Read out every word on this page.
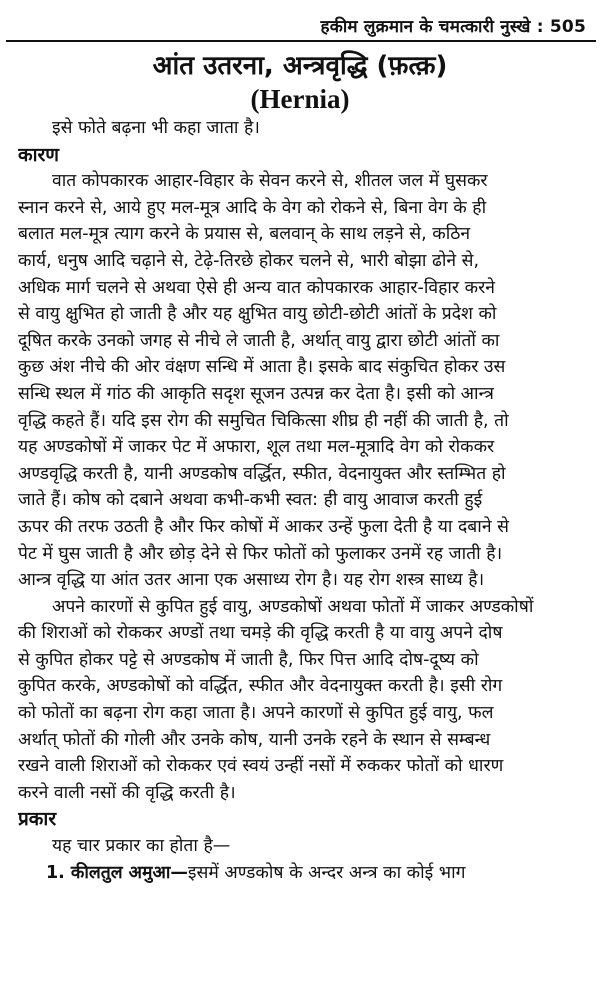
हकीम लुक्रमान के चमत्कारी नुस्खे : 505
आंत उतरना, अन्त्रवृद्धि (फ़त्क़)
(Hernia)
इसे फोते बढ़ना भी कहा जाता है।
कारण
वात कोपकारक आहार-विहार के सेवन करने से, शीतल जल में घुसकर
स्नान करने से, आये हुए मल-मूत्र आदि के वेग को रोकने से, बिना वेग के ही
बलात मल-मूत्र त्याग करने के प्रयास से, बलवान् के साथ लड़ने से, कठिन
कार्य, धनुष आदि चढ़ाने से, टेढ़े-तिरछे होकर चलने से, भारी बोझा ढोने से,
अधिक मार्ग चलने से अथवा ऐसे ही अन्य वात कोपकारक आहार-विहार करने
से वायु क्षुभित हो जाती है और यह क्षुभित वायु छोटी-छोटी आंतों के प्रदेश को
दूषित करके उनको जगह से नीचे ले जाती है, अर्थात् वायु द्वारा छोटी आंतों का
कुछ अंश नीचे की ओर वंक्षण सन्धि में आता है। इसके बाद संकुचित होकर उस
सन्धि स्थल में गांठ की आकृति सदृश सूजन उत्पन्न कर देता है। इसी को आन्त्र
वृद्धि कहते हैं। यदि इस रोग की समुचित चिकित्सा शीघ्र ही नहीं की जाती है, तो
यह अण्डकोषों में जाकर पेट में अफारा, शूल तथा मल-मूत्रादि वेग को रोककर
अण्डवृद्धि करती है, यानी अण्डकोष वर्द्धित, स्फीत, वेदनायुक्त और स्तम्भित हो
जाते हैं। कोष को दबाने अथवा कभी-कभी स्वत: ही वायु आवाज करती हुई
ऊपर की तरफ उठती है और फिर कोषों में आकर उन्हें फुला देती है या दबाने से
पेट में घुस जाती है और छोड़ देने से फिर फोतों को फुलाकर उनमें रह जाती है।
आन्त्र वृद्धि या आंत उतर आना एक असाध्य रोग है। यह रोग शस्त्र साध्य है।
अपने कारणों से कुपित हुई वायु, अण्डकोषों अथवा फोतों में जाकर अण्डकोषों
की शिराओं को रोककर अण्डों तथा चमड़े की वृद्धि करती है या वायु अपने दोष
से कुपित होकर पट्टे से अण्डकोष में जाती है, फिर पित्त आदि दोष-दूष्य को
कुपित करके, अण्डकोषों को वर्द्धित, स्फीत और वेदनायुक्त करती है। इसी रोग
को फोतों का बढ़ना रोग कहा जाता है। अपने कारणों से कुपित हुई वायु, फल
अर्थात् फोतों की गोली और उनके कोष, यानी उनके रहने के स्थान से सम्बन्ध
रखने वाली शिराओं को रोककर एवं स्वयं उन्हीं नसों में रुककर फोतों को धारण
करने वाली नसों की वृद्धि करती है।
प्रकार
यह चार प्रकार का होता है—
1. कीलतुल अमुआ—इसमें अण्डकोष के अन्दर अन्त्र का कोई भाग
